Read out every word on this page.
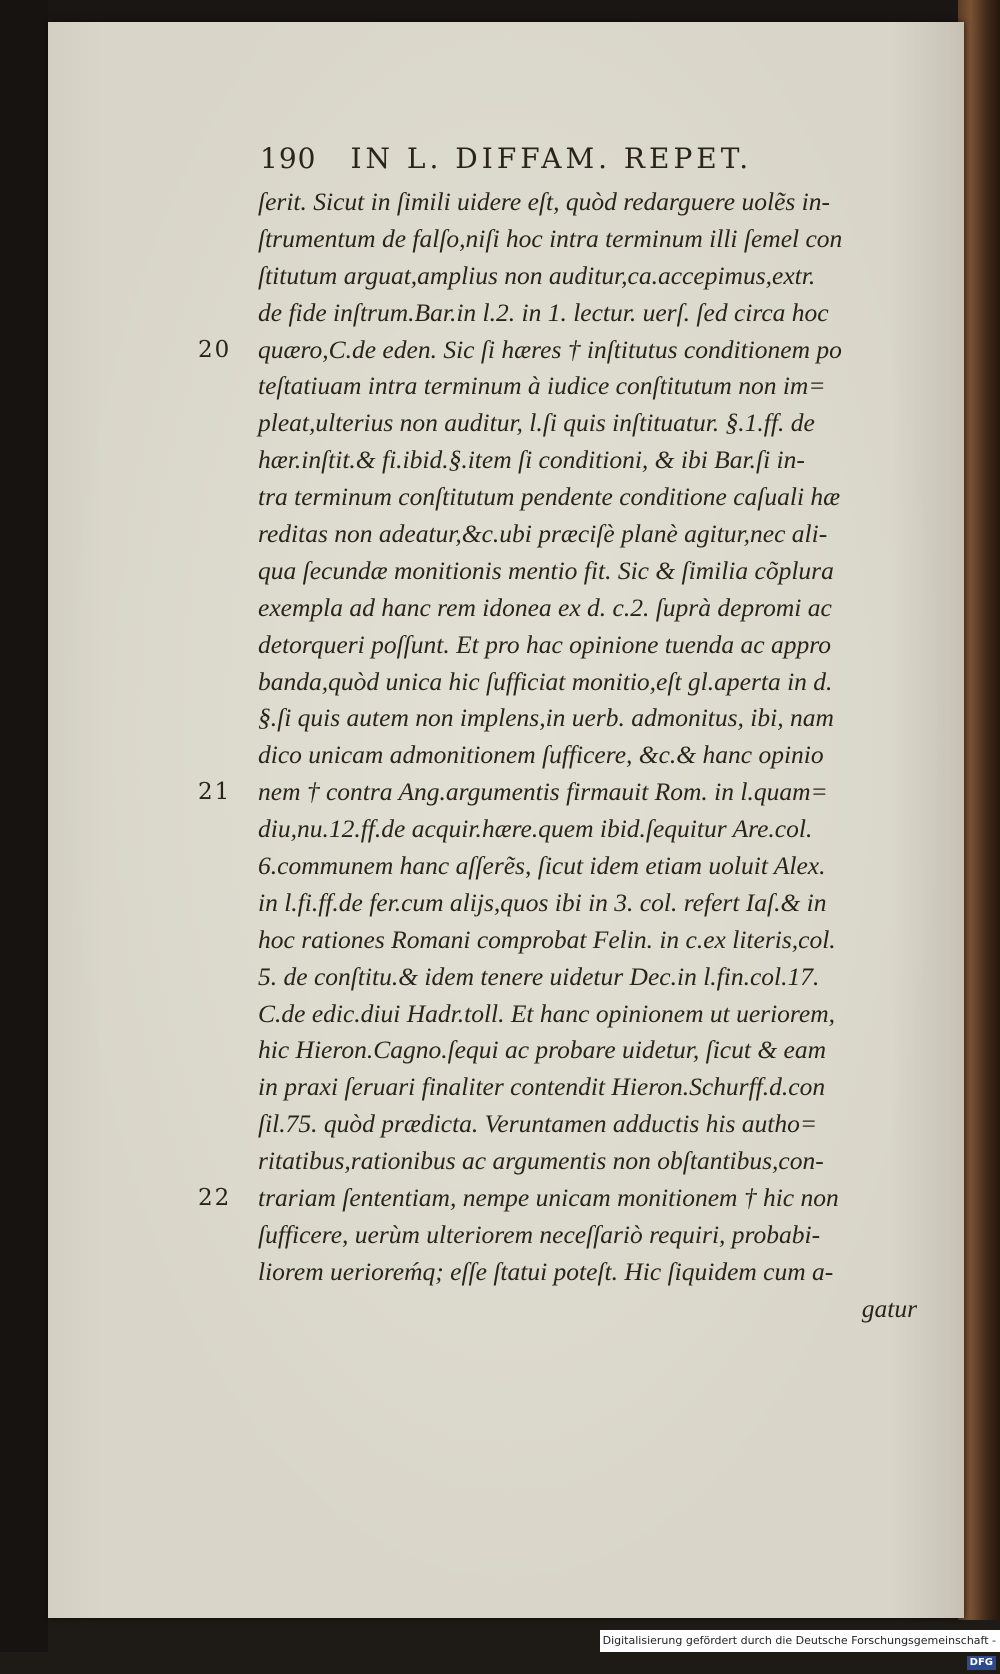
190 IN L. DIFFAM. REPET.
ſerit. Sicut in ſimili uidere eſt, quòd redarguere uolẽs in-
ſtrumentum de falſo,niſi hoc intra terminum illi ſemel con
ſtitutum arguat,amplius non auditur,ca.accepimus,extr.
de fide inſtrum.Bar.in l.2. in 1. lectur. uerſ. ſed circa hoc
quæro,C.de eden. Sic ſi hæres † inſtitutus conditionem po
20
teſtatiuam intra terminum à iudice conſtitutum non im=
pleat,ulterius non auditur, l.ſi quis inſtituatur. §.1.ff. de
hær.inſtit.& fi.ibid.§.item ſi conditioni, & ibi Bar.ſi in-
tra terminum conſtitutum pendente conditione caſuali hæ
reditas non adeatur,&c.ubi præciſè planè agitur,nec ali-
qua ſecundæ monitionis mentio fit. Sic & ſimilia cõplura
exempla ad hanc rem idonea ex d. c.2. ſuprà depromi ac
detorqueri poſſunt. Et pro hac opinione tuenda ac appro
banda,quòd unica hic ſufficiat monitio,eſt gl.aperta in d.
§.ſi quis autem non implens,in uerb. admonitus, ibi, nam
dico unicam admonitionem ſufficere, &c.& hanc opinio
nem † contra Ang.argumentis firmauit Rom. in l.quam=
21
diu,nu.12.ff.de acquir.hære.quem ibid.ſequitur Are.col.
6.communem hanc aſſerẽs, ſicut idem etiam uoluit Alex.
in l.fi.ff.de fer.cum alijs,quos ibi in 3. col. refert Iaſ.& in
hoc rationes Romani comprobat Felin. in c.ex literis,col.
5. de conſtitu.& idem tenere uidetur Dec.in l.fin.col.17.
C.de edic.diui Hadr.toll. Et hanc opinionem ut ueriorem,
hic Hieron.Cagno.ſequi ac probare uidetur, ſicut & eam
in praxi ſeruari finaliter contendit Hieron.Schurff.d.con
ſil.75. quòd prædicta. Veruntamen adductis his autho=
ritatibus,rationibus ac argumentis non obſtantibus,con-
trariam ſententiam, nempe unicam monitionem † hic non
22
ſufficere, uerùm ulteriorem neceſſariò requiri, probabi-
liorem uerioreḿq; eſſe ſtatui poteſt. Hic ſiquidem cum a-
gatur
Digitalisierung gefördert durch die Deutsche Forschungsgemeinschaft -DFG
